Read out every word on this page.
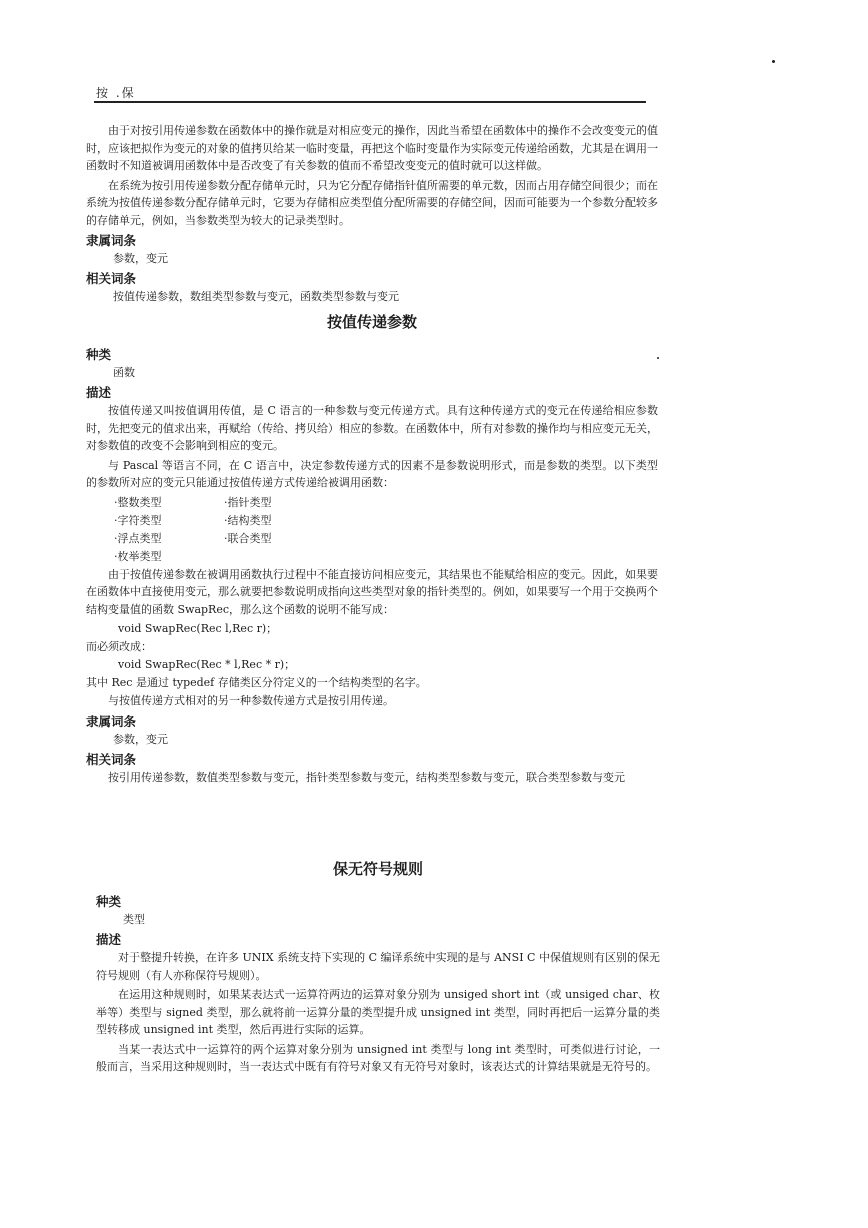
按 .保

由于对按引用传递参数在函数体中的操作就是对相应变元的操作，因此当希望在函数体中的操作不会改变变元的值时，应该把拟作为变元的对象的值拷贝给某一临时变量，再把这个临时变量作为实际变元传递给函数，尤其是在调用一函数时不知道被调用函数体中是否改变了有关参数的值而不希望改变变元的值时就可以这样做。

在系统为按引用传递参数分配存储单元时，只为它分配存储指针值所需要的单元数，因而占用存储空间很少；而在系统为按值传递参数分配存储单元时，它要为存储相应类型值分配所需要的存储空间，因而可能要为一个参数分配较多的存储单元，例如，当参数类型为较大的记录类型时。

隶属词条
参数，变元
相关词条
按值传递参数，数组类型参数与变元，函数类型参数与变元
按值传递参数
种类
函数
描述

按值传递又叫按值调用传值，是 C 语言的一种参数与变元传递方式。具有这种传递方式的变元在传递给相应参数时，先把变元的值求出来，再赋给（传给、拷贝给）相应的参数。在函数体中，所有对参数的操作均与相应变元无关，对参数值的改变不会影响到相应的变元。

与 Pascal 等语言不同，在 C 语言中，决定参数传递方式的因素不是参数说明形式，而是参数的类型。以下类型的参数所对应的变元只能通过按值传递方式传递给被调用函数：

·整数类型	·指针类型
·字符类型	·结构类型
·浮点类型	·联合类型
·枚举类型

由于按值传递参数在被调用函数执行过程中不能直接访问相应变元，其结果也不能赋给相应的变元。因此，如果要在函数体中直接使用变元，那么就要把参数说明成指向这些类型对象的指针类型的。例如，如果要写一个用于交换两个结构变量值的函数 SwapRec，那么这个函数的说明不能写成：

void SwapRec(Rec l,Rec r)；
而必须改成：
void SwapRec(Rec * l,Rec * r)；
其中 Rec 是通过 typedef 存储类区分符定义的一个结构类型的名字。

与按值传递方式相对的另一种参数传递方式是按引用传递。

隶属词条
参数，变元
相关词条

按引用传递参数，数值类型参数与变元，指针类型参数与变元，结构类型参数与变元，联合类型参数与变元

保无符号规则
种类
类型
描述

对于整提升转换，在许多 UNIX 系统支持下实现的 C 编译系统中实现的是与 ANSI C 中保值规则有区别的保无符号规则（有人亦称保符号规则）。

在运用这种规则时，如果某表达式一运算符两边的运算对象分别为 unsiged short int（或 unsiged char、枚举等）类型与 signed 类型，那么就将前一运算分量的类型提升成 unsigned int 类型，同时再把后一运算分量的类型转移成 unsigned int 类型，然后再进行实际的运算。

当某一表达式中一运算符的两个运算对象分别为 unsigned int 类型与 long int 类型时，可类似进行讨论，一般而言，当采用这种规则时，当一表达式中既有有符号对象又有无符号对象时，该表达式的计算结果就是无符号的。
